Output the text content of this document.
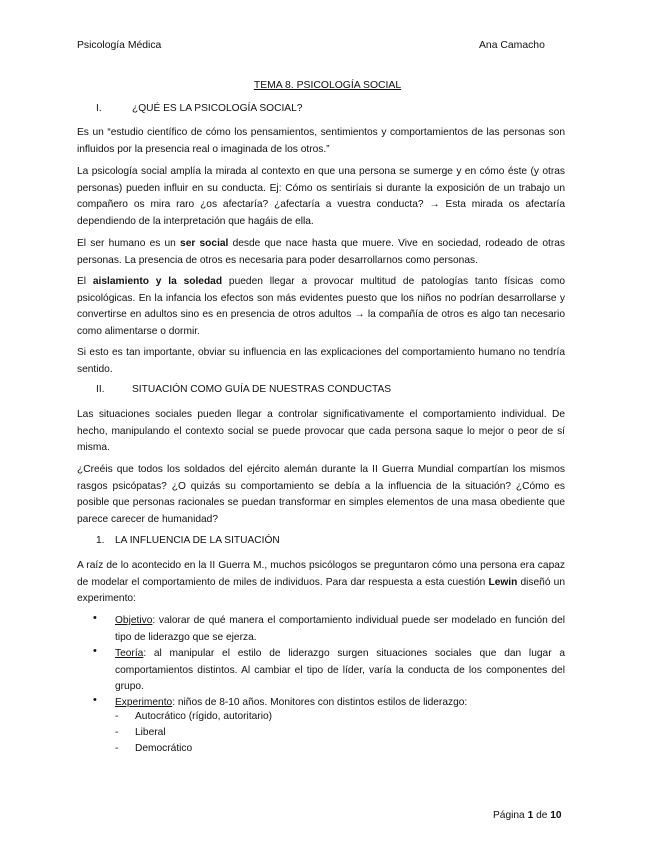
Psicología Médica	Ana Camacho
TEMA 8. PSICOLOGÍA SOCIAL
I.	¿QUÉ ES LA PSICOLOGÍA SOCIAL?
Es un “estudio científico de cómo los pensamientos, sentimientos y comportamientos de las personas son influidos por la presencia real o imaginada de los otros.”
La psicología social amplía la mirada al contexto en que una persona se sumerge y en cómo éste (y otras personas) pueden influir en su conducta. Ej: Cómo os sentiríais si durante la exposición de un trabajo un compañero os mira raro ¿os afectaría? ¿afectaría a vuestra conducta? → Esta mirada os afectaría dependiendo de la interpretación que hagáis de ella.
El ser humano es un ser social desde que nace hasta que muere. Vive en sociedad, rodeado de otras personas. La presencia de otros es necesaria para poder desarrollarnos como personas.
El aislamiento y la soledad pueden llegar a provocar multitud de patologías tanto físicas como psicológicas. En la infancia los efectos son más evidentes puesto que los niños no podrían desarrollarse y convertirse en adultos sino es en presencia de otros adultos → la compañía de otros es algo tan necesario como alimentarse o dormir.
Si esto es tan importante, obviar su influencia en las explicaciones del comportamiento humano no tendría sentido.
II.	SITUACIÓN COMO GUÍA DE NUESTRAS CONDUCTAS
Las situaciones sociales pueden llegar a controlar significativamente el comportamiento individual. De hecho, manipulando el contexto social se puede provocar que cada persona saque lo mejor o peor de sí misma.
¿Creéis que todos los soldados del ejército alemán durante la II Guerra Mundial compartían los mismos rasgos psicópatas? ¿O quizás su comportamiento se debía a la influencia de la situación? ¿Cómo es posible que personas racionales se puedan transformar en simples elementos de una masa obediente que parece carecer de humanidad?
1. LA INFLUENCIA DE LA SITUACIÓN
A raíz de lo acontecido en la II Guerra M., muchos psicólogos se preguntaron cómo una persona era capaz de modelar el comportamiento de miles de individuos. Para dar respuesta a esta cuestión Lewin diseñó un experimento:
• Objetivo: valorar de qué manera el comportamiento individual puede ser modelado en función del tipo de liderazgo que se ejerza.
• Teoría: al manipular el estilo de liderazgo surgen situaciones sociales que dan lugar a comportamientos distintos. Al cambiar el tipo de líder, varía la conducta de los componentes del grupo.
• Experimento: niños de 8-10 años. Monitores con distintos estilos de liderazgo:
- Autocrático (rígido, autoritario)
- Liberal
- Democrático
Página 1 de 10
